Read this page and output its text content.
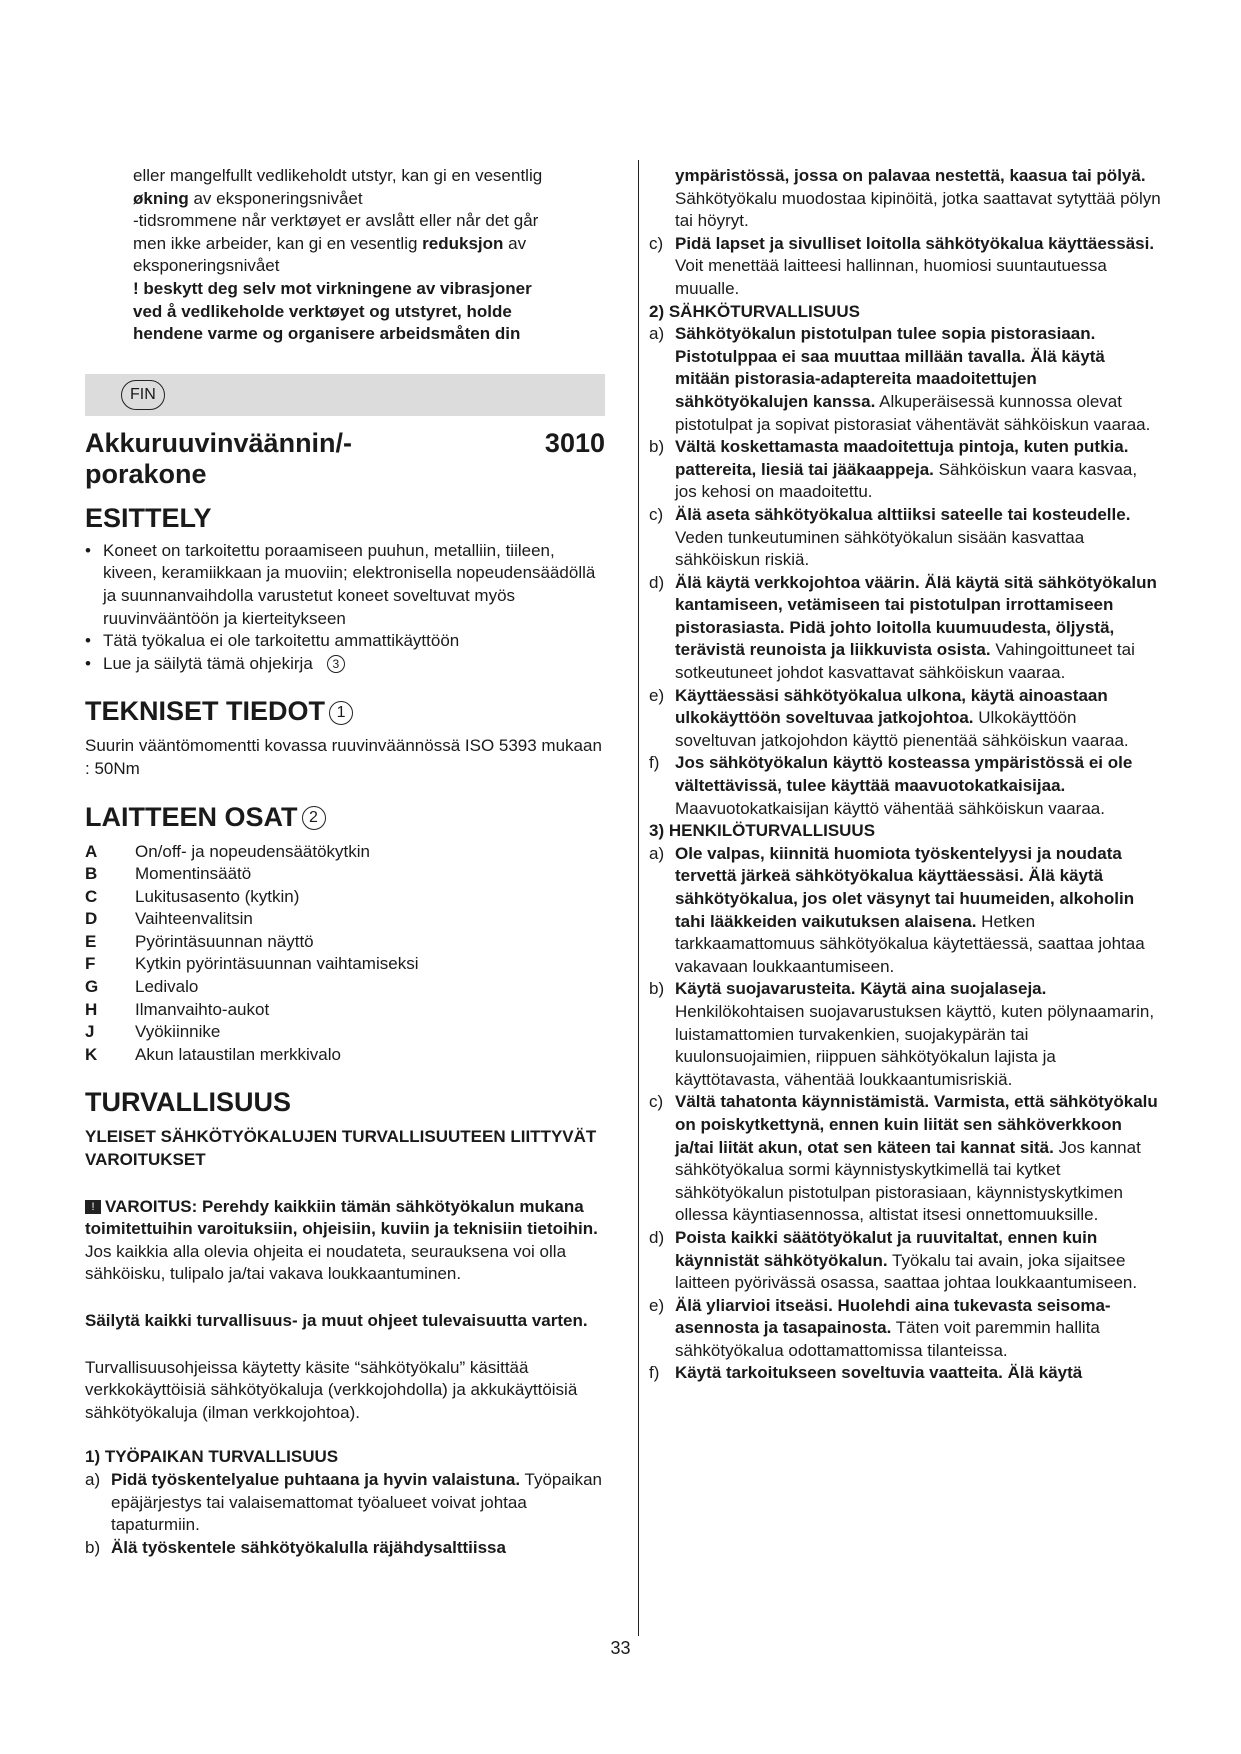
eller mangelfullt vedlikeholdt utstyr, kan gi en vesentlig
økning av eksponeringsnivået
-tidsrommene når verktøyet er avslått eller når det går
men ikke arbeider, kan gi en vesentlig reduksjon av
eksponeringsnivået
! beskytt deg selv mot virkningene av vibrasjoner
ved å vedlikeholde verktøyet og utstyret, holde
hendene varme og organisere arbeidsmåten din
FIN
Akkuruuvinväännin/-
porakone
3010
ESITTELY
• Koneet on tarkoitettu poraamiseen puuhun, metalliin, tiileen, kiveen, keramiikkaan ja muoviin; elektronisella nopeudensäädöllä ja suunnanvaihdolla varustetut koneet soveltuvat myös ruuvinvääntöön ja kierteitykseen
• Tätä työkalua ei ole tarkoitettu ammattikäyttöön
• Lue ja säilytä tämä ohjekirja 3
TEKNISET TIEDOT 1
Suurin vääntömomentti kovassa ruuvinväännössä ISO 5393 mukaan : 50Nm
LAITTEEN OSAT 2
A	On/off- ja nopeudensäätökytkin
B	Momentinsäätö
C	Lukitusasento (kytkin)
D	Vaihteenvalitsin
E	Pyörintäsuunnan näyttö
F	Kytkin pyörintäsuunnan vaihtamiseksi
G	Ledivalo
H	Ilmanvaihto-aukot
J	Vyökiinnike
K	Akun lataustilan merkkivalo
TURVALLISUUS
YLEISET SÄHKÖTYÖKALUJEN TURVALLISUUTEEN LIITTYVÄT VAROITUKSET
! VAROITUS: Perehdy kaikkiin tämän sähkötyökalun mukana toimitettuihin varoituksiin, ohjeisiin, kuviin ja teknisiin tietoihin. Jos kaikkia alla olevia ohjeita ei noudateta, seurauksena voi olla sähköisku, tulipalo ja/tai vakava loukkaantuminen.
Säilytä kaikki turvallisuus- ja muut ohjeet tulevaisuutta varten.
Turvallisuusohjeissa käytetty käsite “sähkötyökalu” käsittää verkkokäyttöisiä sähkötyökaluja (verkkojohdolla) ja akkukäyttöisiä sähkötyökaluja (ilman verkkojohtoa).
1) TYÖPAIKAN TURVALLISUUS
a) Pidä työskentelyalue puhtaana ja hyvin valaistuna. Työpaikan epäjärjestys tai valaisemattomat työalueet voivat johtaa tapaturmiin.
b) Älä työskentele sähkötyökalulla räjähdysalttiissa
ympäristössä, jossa on palavaa nestettä, kaasua tai pölyä. Sähkötyökalu muodostaa kipinöitä, jotka saattavat sytyttää pölyn tai höyryt.
c) Pidä lapset ja sivulliset loitolla sähkötyökalua käyttäessäsi. Voit menettää laitteesi hallinnan, huomiosi suuntautuessa muualle.
2) SÄHKÖTURVALLISUUS
a) Sähkötyökalun pistotulpan tulee sopia pistorasiaan. Pistotulppaa ei saa muuttaa millään tavalla. Älä käytä mitään pistorasia-adaptereita maadoitettujen sähkötyökalujen kanssa. Alkuperäisessä kunnossa olevat pistotulpat ja sopivat pistorasiat vähentävät sähköiskun vaaraa.
b) Vältä koskettamasta maadoitettuja pintoja, kuten putkia. pattereita, liesiä tai jääkaappeja. Sähköiskun vaara kasvaa, jos kehosi on maadoitettu.
c) Älä aseta sähkötyökalua alttiiksi sateelle tai kosteudelle. Veden tunkeutuminen sähkötyökalun sisään kasvattaa sähköiskun riskiä.
d) Älä käytä verkkojohtoa väärin. Älä käytä sitä sähkötyökalun kantamiseen, vetämiseen tai pistotulpan irrottamiseen pistorasiasta. Pidä johto loitolla kuumuudesta, öljystä, terävistä reunoista ja liikkuvista osista. Vahingoittuneet tai sotkeutuneet johdot kasvattavat sähköiskun vaaraa.
e) Käyttäessäsi sähkötyökalua ulkona, käytä ainoastaan ulkokäyttöön soveltuvaa jatkojohtoa. Ulkokäyttöön soveltuvan jatkojohdon käyttö pienentää sähköiskun vaaraa.
f) Jos sähkötyökalun käyttö kosteassa ympäristössä ei ole vältettävissä, tulee käyttää maavuotokatkaisijaa. Maavuotokatkaisijan käyttö vähentää sähköiskun vaaraa.
3) HENKILÖTURVALLISUUS
a) Ole valpas, kiinnitä huomiota työskentelyysi ja noudata tervettä järkeä sähkötyökalua käyttäessäsi. Älä käytä sähkötyökalua, jos olet väsynyt tai huumeiden, alkoholin tahi lääkkeiden vaikutuksen alaisena. Hetken tarkkaamattomuus sähkötyökalua käytettäessä, saattaa johtaa vakavaan loukkaantumiseen.
b) Käytä suojavarusteita. Käytä aina suojalaseja. Henkilökohtaisen suojavarustuksen käyttö, kuten pölynaamarin, luistamattomien turvakenkien, suojakypärän tai kuulonsuojaimien, riippuen sähkötyökalun lajista ja käyttötavasta, vähentää loukkaantumisriskiä.
c) Vältä tahatonta käynnistämistä. Varmista, että sähkötyökalu on poiskytkettynä, ennen kuin liität sen sähköverkkoon ja/tai liität akun, otat sen käteen tai kannat sitä. Jos kannat sähkötyökalua sormi käynnistyskytkimellä tai kytket sähkötyökalun pistotulpan pistorasiaan, käynnistyskytkimen ollessa käyntiasennossa, altistat itsesi onnettomuuksille.
d) Poista kaikki säätötyökalut ja ruuvitaltat, ennen kuin käynnistät sähkötyökalun. Työkalu tai avain, joka sijaitsee laitteen pyörivässä osassa, saattaa johtaa loukkaantumiseen.
e) Älä yliarvioi itseäsi. Huolehdi aina tukevasta seisoma-asennosta ja tasapainosta. Täten voit paremmin hallita sähkötyökalua odottamattomissa tilanteissa.
f) Käytä tarkoitukseen soveltuvia vaatteita. Älä käytä
33
